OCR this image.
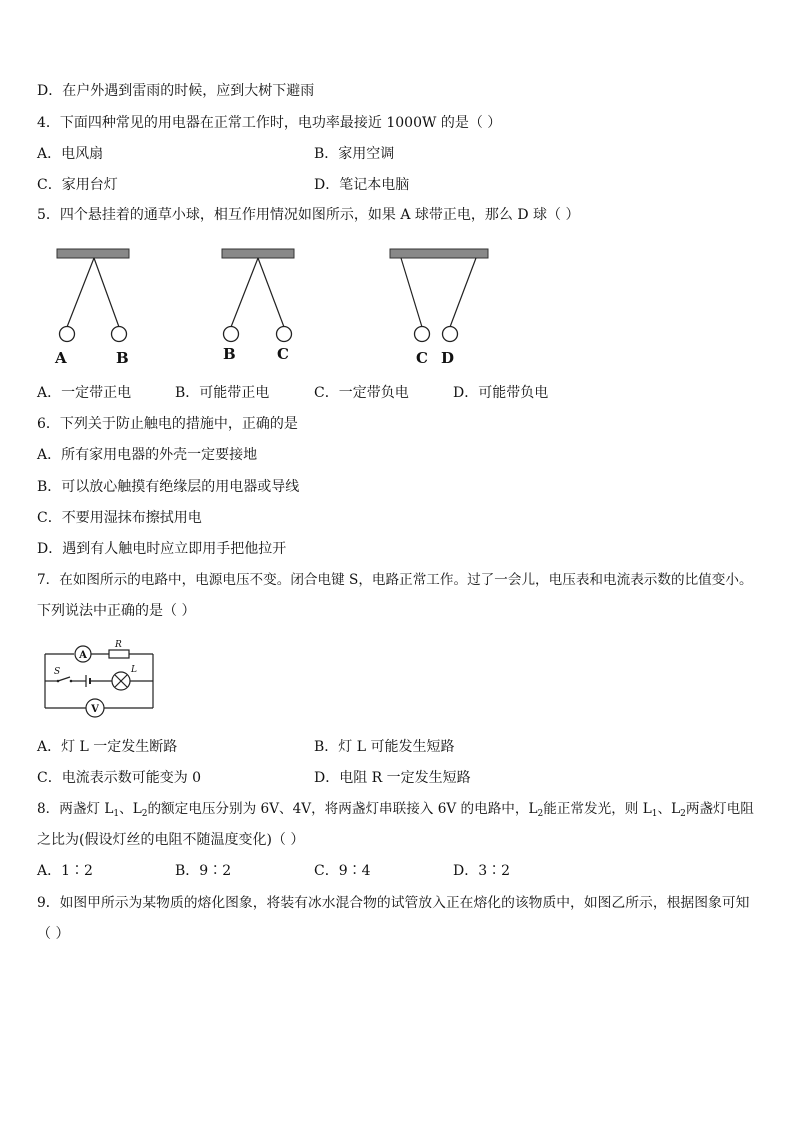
D．在户外遇到雷雨的时候，应到大树下避雨
4．下面四种常见的用电器在正常工作时，电功率最接近 1000W 的是（ ）
A．电风扇	B．家用空调
C．家用台灯	D．笔记本电脑
5．四个悬挂着的通草小球，相互作用情况如图所示，如果 A 球带正电，那么 D 球（ ）
A	B	B	C	C D
A．一定带正电	B．可能带正电	C．一定带负电	D．可能带负电
6．下列关于防止触电的措施中，正确的是
A．所有家用电器的外壳一定要接地
B．可以放心触摸有绝缘层的用电器或导线
C．不要用湿抹布擦拭用电
D．遇到有人触电时应立即用手把他拉开
7．在如图所示的电路中，电源电压不变。闭合电键 S，电路正常工作。过了一会儿，电压表和电流表示数的比值变小。
下列说法中正确的是（ ）
A
R
S	L
V
A．灯 L 一定发生断路	B．灯 L 可能发生短路
C．电流表示数可能变为 0	D．电阻 R 一定发生短路
8．两盏灯 $L_1$、$L_2$的额定电压分别为 6V、4V，将两盏灯串联接入 6V 的电路中，$L_2$能正常发光，则 $L_1$、$L_2$两盏灯电阻
之比为(假设灯丝的电阻不随温度变化)（ ）
A．1∶2	B．9∶2	C．9∶4	D．3∶2
9．如图甲所示为某物质的熔化图象，将装有冰水混合物的试管放入正在熔化的该物质中，如图乙所示，根据图象可知
（ ）
